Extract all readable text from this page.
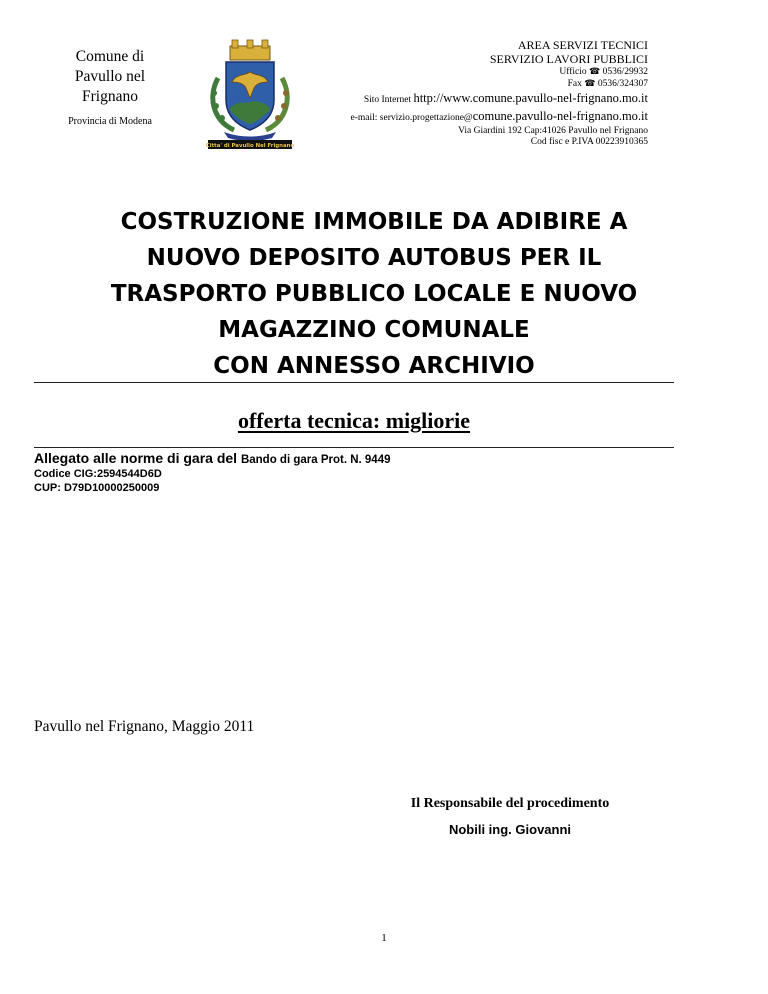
Comune di
Pavullo nel
Frignano
Provincia di Modena
Citta' di Pavullo Nel Frignano
AREA SERVIZI TECNICI
SERVIZIO LAVORI PUBBLICI
Ufficio ☎ 0536/29932
Fax ☎ 0536/324307
Sito Internet http://www.comune.pavullo-nel-frignano.mo.it
e-mail: servizio.progettazione@comune.pavullo-nel-frignano.mo.it
Via Giardini 192 Cap:41026 Pavullo nel Frignano
Cod fisc e P.IVA 00223910365
COSTRUZIONE IMMOBILE DA ADIBIRE A
NUOVO DEPOSITO AUTOBUS PER IL
TRASPORTO PUBBLICO LOCALE E NUOVO
MAGAZZINO COMUNALE
CON ANNESSO ARCHIVIO
offerta tecnica: migliorie
Allegato alle norme di gara del Bando di gara Prot. N. 9449
Codice CIG:2594544D6D
CUP: D79D10000250009
Pavullo nel Frignano, Maggio 2011
Il Responsabile del procedimento
Nobili ing. Giovanni
1
